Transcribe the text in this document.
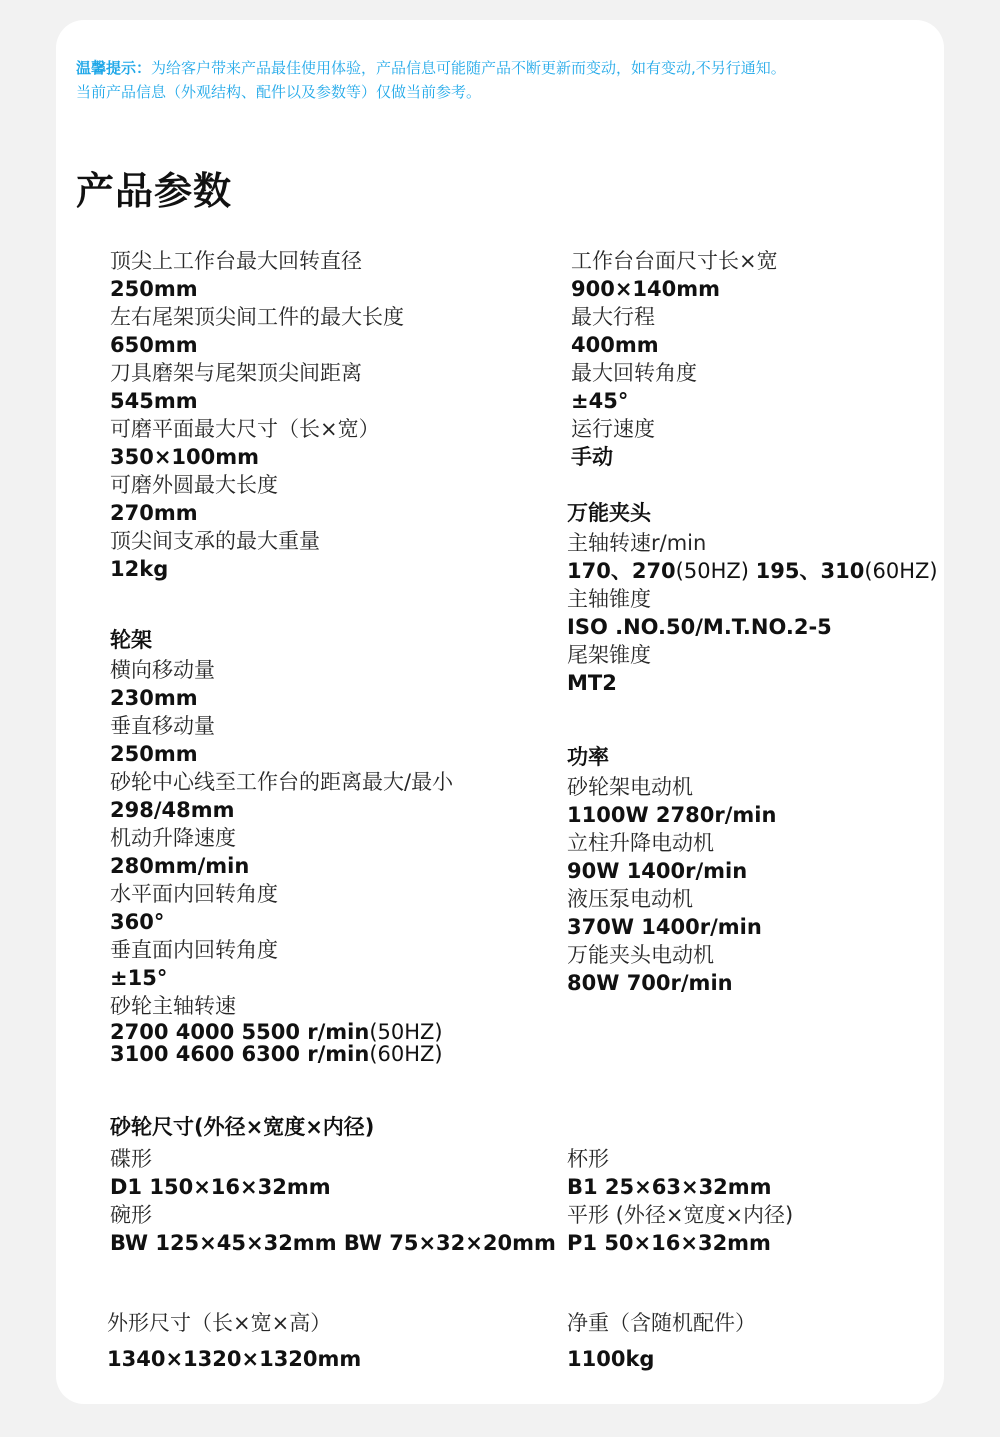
温馨提示：为给客户带来产品最佳使用体验，产品信息可能随产品不断更新而变动，如有变动,不另行通知。
当前产品信息（外观结构、配件以及参数等）仅做当前参考。
产品参数
顶尖上工作台最大回转直径
250mm
左右尾架顶尖间工件的最大长度
650mm
刀具磨架与尾架顶尖间距离
545mm
可磨平面最大尺寸（长×宽）
350×100mm
可磨外圆最大长度
270mm
顶尖间支承的最大重量
12kg
轮架
横向移动量
230mm
垂直移动量
250mm
砂轮中心线至工作台的距离最大/最小
298/48mm
机动升降速度
280mm/min
水平面内回转角度
360°
垂直面内回转角度
±15°
砂轮主轴转速
2700 4000 5500 r/min(50HZ)
3100 4600 6300 r/min(60HZ)
工作台台面尺寸长×宽
900×140mm
最大行程
400mm
最大回转角度
±45°
运行速度
手动
万能夹头
主轴转速r/min
170、270(50HZ) 195、310(60HZ)
主轴锥度
ISO .NO.50/M.T.NO.2-5
尾架锥度
MT2
功率
砂轮架电动机
1100W 2780r/min
立柱升降电动机
90W 1400r/min
液压泵电动机
370W 1400r/min
万能夹头电动机
80W 700r/min
砂轮尺寸(外径×宽度×内径)
碟形
D1 150×16×32mm
碗形
BW 125×45×32mm BW 75×32×20mm
杯形
B1 25×63×32mm
平形 (外径×宽度×内径)
P1 50×16×32mm
外形尺寸（长×宽×高）
1340×1320×1320mm
净重（含随机配件）
1100kg
